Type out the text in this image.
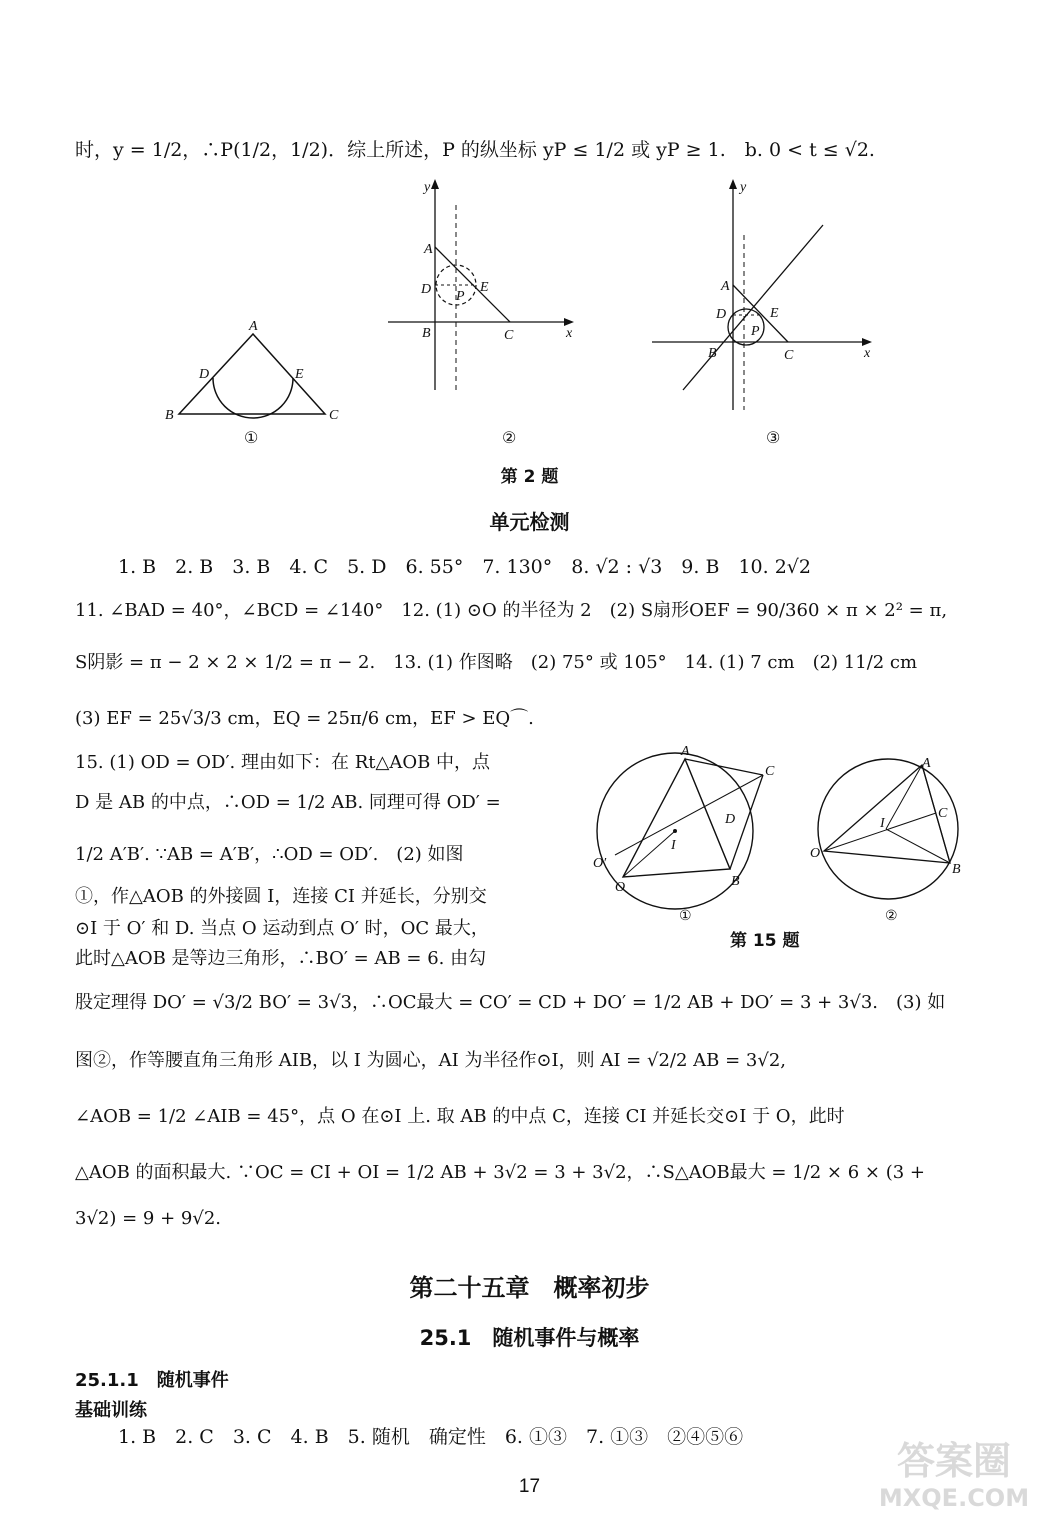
时，y = 1/2，∴P(1/2，1/2)．综上所述，P 的纵坐标 yP ≤ 1/2 或 yP ≥ 1.　b. 0 < t ≤ √2.
A
B	C
D	E
①
y
A
D	E
P
B	C	x
②
y
A
D	E
P
B	C	x
③
第 2 题
单元检测
1. B　2. B　3. B　4. C　5. D　6. 55°　7. 130°　8. √2 : √3　9. B　10. 2√2
11. ∠BAD = 40°，∠BCD = ∠140°　12. (1) ⊙O 的半径为 2　(2) S扇形OEF = 90/360 × π × 2² = π,
S阴影 = π − 2 × 2 × 1/2 = π − 2.　13. (1) 作图略　(2) 75° 或 105°　14. (1) 7 cm　(2) 11/2 cm
(3) EF = 25√3/3 cm，EQ = 25π/6 cm，EF > EQ⌒.
15. (1) OD = OD′. 理由如下：在 Rt△AOB 中，点
D 是 AB 的中点，∴OD = 1/2 AB. 同理可得 OD′ =
1/2 A′B′. ∵AB = A′B′，∴OD = OD′.　(2) 如图
①，作△AOB 的外接圆 I，连接 CI 并延长，分别交
⊙I 于 O′ 和 D. 当点 O 运动到点 O′ 时，OC 最大，
此时△AOB 是等边三角形，∴BO′ = AB = 6. 由勾
A
C
D
I
O′
O	B
①
A
I
C
O
B
②
第 15 题
股定理得 DO′ = √3/2 BO′ = 3√3，∴OC最大 = CO′ = CD + DO′ = 1/2 AB + DO′ = 3 + 3√3.　(3) 如
图②，作等腰直角三角形 AIB，以 I 为圆心，AI 为半径作⊙I，则 AI = √2/2 AB = 3√2,
∠AOB = 1/2 ∠AIB = 45°，点 O 在⊙I 上. 取 AB 的中点 C，连接 CI 并延长交⊙I 于 O，此时
△AOB 的面积最大. ∵OC = CI + OI = 1/2 AB + 3√2 = 3 + 3√2，∴S△AOB最大 = 1/2 × 6 × (3 +
3√2) = 9 + 9√2.
第二十五章　概率初步
25.1　随机事件与概率
25.1.1　随机事件
基础训练
1. B　2. C　3. C　4. B　5. 随机　确定性　6. ①③　7. ①③　②④⑤⑥
17
答案圈
MXQE.COM
